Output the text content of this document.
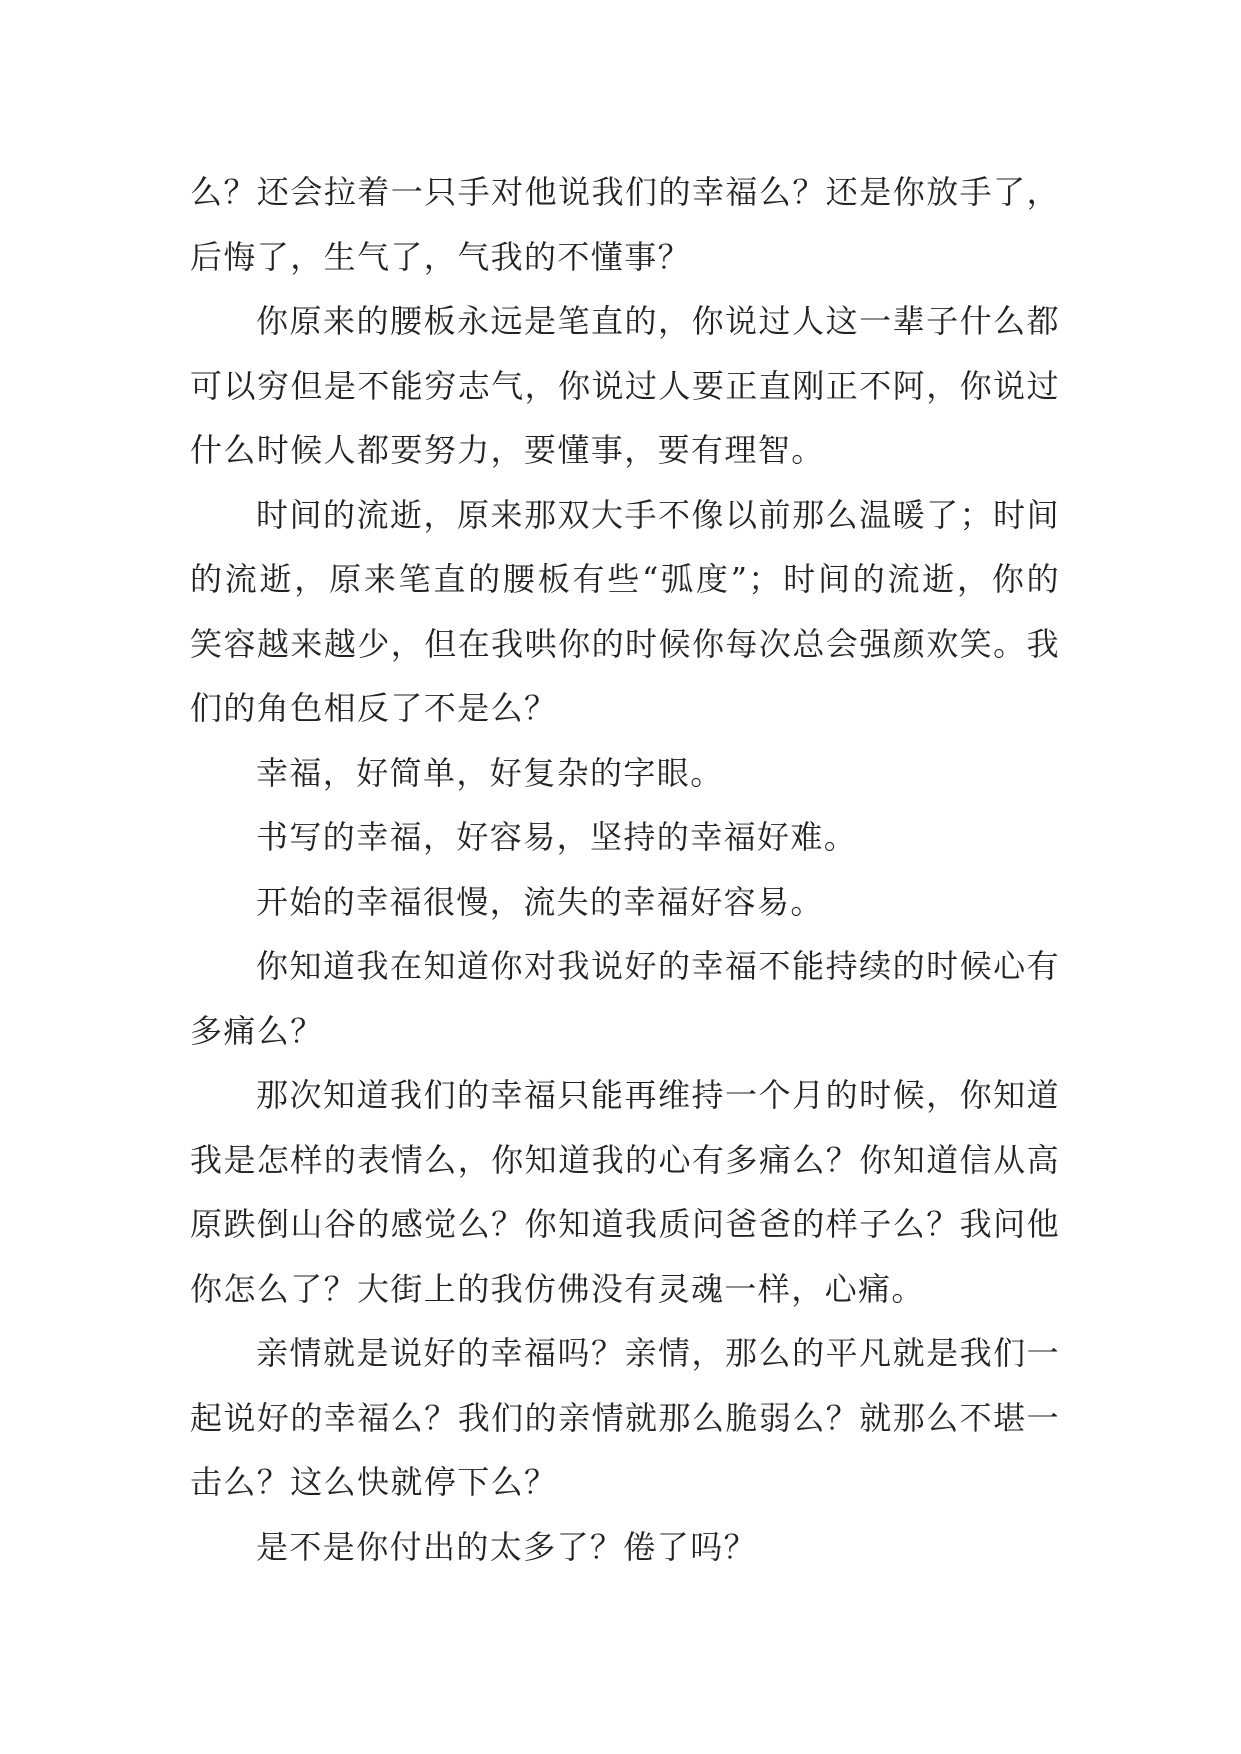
么？还会拉着一只手对他说我们的幸福么？还是你放手了，后悔了，生气了，气我的不懂事？

你原来的腰板永远是笔直的，你说过人这一辈子什么都可以穷但是不能穷志气，你说过人要正直刚正不阿，你说过什么时候人都要努力，要懂事，要有理智。

时间的流逝，原来那双大手不像以前那么温暖了；时间的流逝，原来笔直的腰板有些“弧度”；时间的流逝，你的笑容越来越少，但在我哄你的时候你每次总会强颜欢笑。我们的角色相反了不是么？

幸福，好简单，好复杂的字眼。

书写的幸福，好容易，坚持的幸福好难。

开始的幸福很慢，流失的幸福好容易。

你知道我在知道你对我说好的幸福不能持续的时候心有多痛么？

那次知道我们的幸福只能再维持一个月的时候，你知道我是怎样的表情么，你知道我的心有多痛么？你知道信从高原跌倒山谷的感觉么？你知道我质问爸爸的样子么？我问他你怎么了？大街上的我仿佛没有灵魂一样，心痛。

亲情就是说好的幸福吗？亲情，那么的平凡就是我们一起说好的幸福么？我们的亲情就那么脆弱么？就那么不堪一击么？这么快就停下么？

是不是你付出的太多了？倦了吗？
